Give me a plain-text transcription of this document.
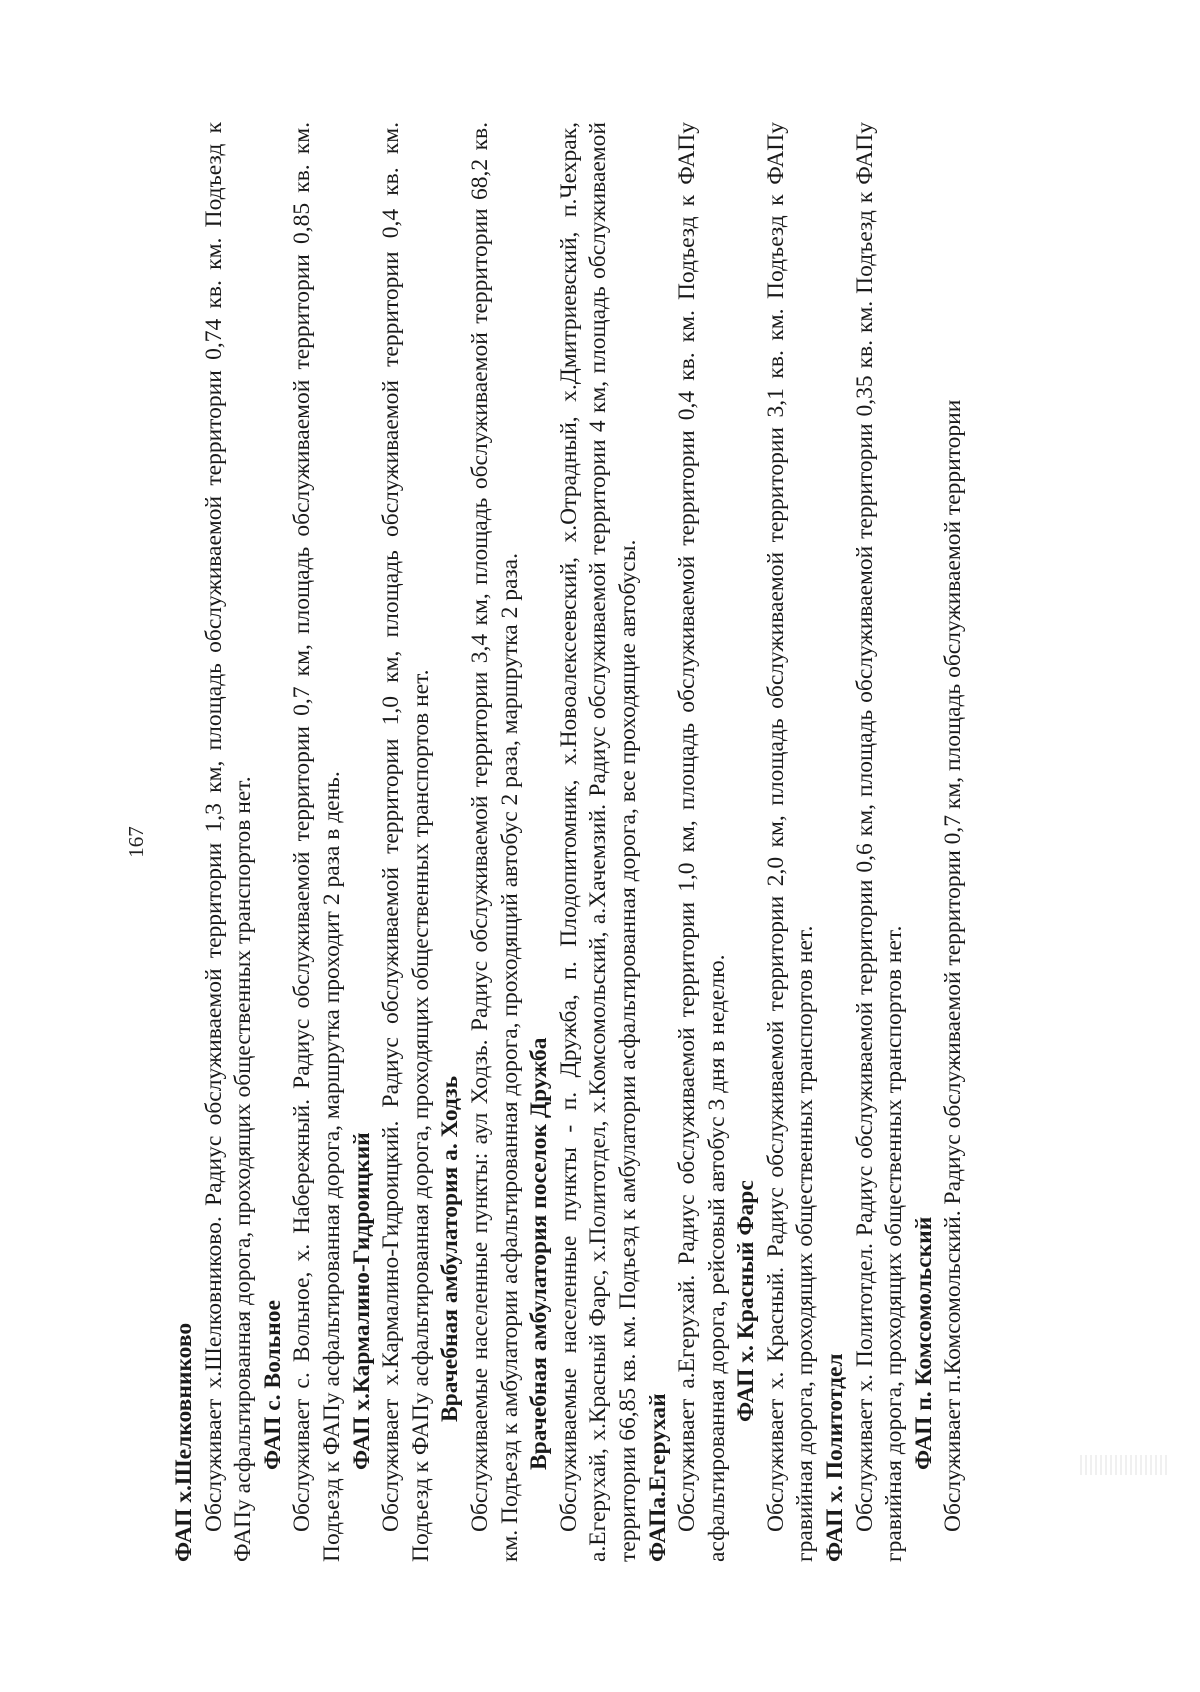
167

ФАП х.Шелковниково Обслуживает х.Шелковниково. Радиус обслуживаемой территории 1,3 км, площадь обслуживаемой территории 0,74 кв. км. Подъезд к ФАПу асфальтированная дорога, проходящих общественных транспортов нет. ФАП с. Вольное Обслуживает с. Вольное, х. Набережный. Радиус обслуживаемой территории 0,7 км, площадь обслуживаемой территории 0,85 кв. км. Подъезд к ФАПу асфальтированная дорога, маршрутка проходит 2 раза в день. ФАП х.Кармалино-Гидроицкий Обслуживает х.Кармалино-Гидроицкий. Радиус обслуживаемой территории 1,0 км, площадь обслуживаемой территории 0,4 кв. км. Подъезд к ФАПу асфальтированная дорога, проходящих общественных транспортов нет. Врачебная амбулатория а. Ходзь Обслуживаемые населенные пункты: аул Ходзь. Радиус обслуживаемой территории 3,4 км, площадь обслуживаемой территории 68,2 кв. км. Подъезд к амбулатории асфальтированная дорога, проходящий автобус 2 раза, маршрутка 2 раза. Врачебная амбулатория поселок Дружба Обслуживаемые населенные пункты - п. Дружба, п. Плодопитомник, х.Новоалексеевский, х.Отрадный, х.Дмитриевский, п.Чехрак, а.Егерухай, х.Красный Фарс, х.Политотдел, х.Комсомольский, а.Хачемзий. Радиус обслуживаемой территории 4 км, площадь обслуживаемой территории 66,85 кв. км. Подъезд к амбулатории асфальтированная дорога, все проходящие автобусы. ФАПа.Егерухай Обслуживает а.Егерухай. Радиус обслуживаемой территории 1,0 км, площадь обслуживаемой территории 0,4 кв. км. Подъезд к ФАПу асфальтированная дорога, рейсовый автобус 3 дня в неделю. ФАП х. Красный Фарс Обслуживает х. Красный. Радиус обслуживаемой территории 2,0 км, площадь обслуживаемой территории 3,1 кв. км. Подъезд к ФАПу гравийная дорога, проходящих общественных транспортов нет. ФАП х. Политотдел Обслуживает х. Политотдел. Радиус обслуживаемой территории 0,6 км, площадь обслуживаемой территории 0,35 кв. км. Подъезд к ФАПу гравийная дорога, проходящих общественных транспортов нет. ФАП п. Комсомольский Обслуживает п.Комсомольский. Радиус обслуживаемой территории 0,7 км, площадь обслуживаемой территории
